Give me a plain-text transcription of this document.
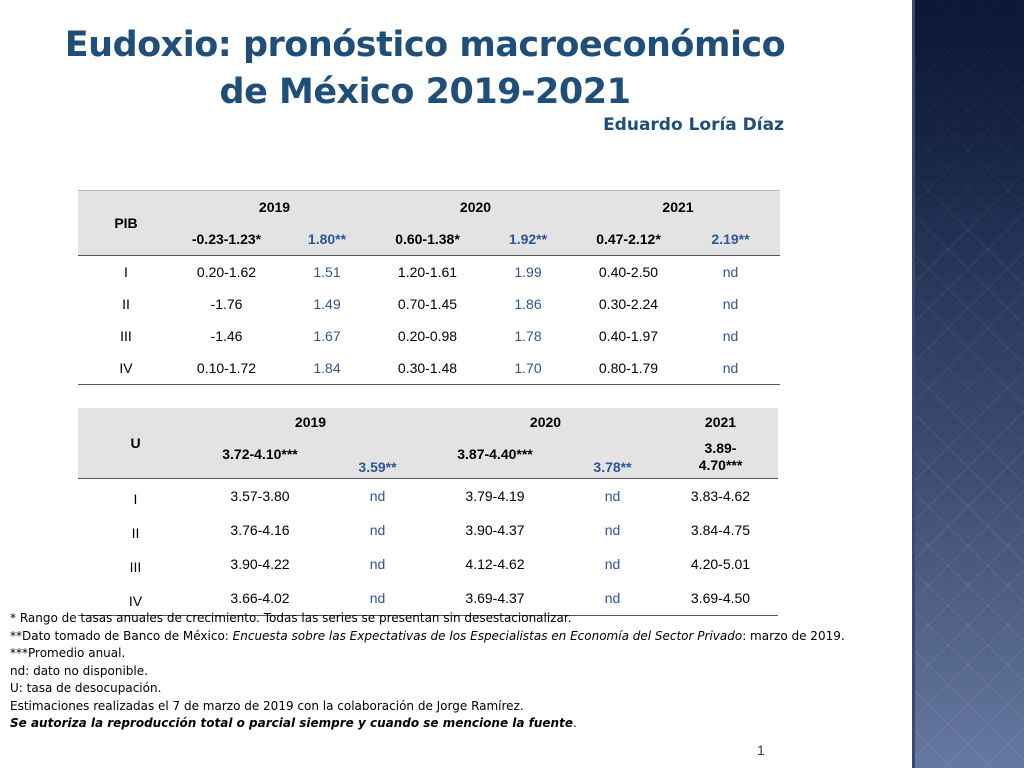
Eudoxio: pronóstico macroeconómico
de México 2019-2021
Eduardo Loría Díaz
PIB	2019		2020		2021	
	-0.23-1.23*	1.80**	0.60-1.38*	1.92**	0.47-2.12*	2.19**
I	0.20-1.62	1.51	1.20-1.61	1.99	0.40-2.50	nd
II	-1.76	1.49	0.70-1.45	1.86	0.30-2.24	nd
III	-1.46	1.67	0.20-0.98	1.78	0.40-1.97	nd
IV	0.10-1.72	1.84	0.30-1.48	1.70	0.80-1.79	nd
U	2019		2020		2021
	3.72-4.10***	3.59**	3.87-4.40***	3.78**	3.89-
4.70***

I	3.57-3.80	nd	3.79-4.19	nd	3.83-4.62
II	3.76-4.16	nd	3.90-4.37	nd	3.84-4.75
III	3.90-4.22	nd	4.12-4.62	nd	4.20-5.01
IV	3.66-4.02	nd	3.69-4.37	nd	3.69-4.50
* Rango de tasas anuales de crecimiento. Todas las series se presentan sin desestacionalizar.
**Dato tomado de Banco de México: Encuesta sobre las Expectativas de los Especialistas en Economía del Sector Privado: marzo de 2019.
***Promedio anual.
nd: dato no disponible.
U: tasa de desocupación.
Estimaciones realizadas el 7 de marzo de 2019 con la colaboración de Jorge Ramírez.
Se autoriza la reproducción total o parcial siempre y cuando se mencione la fuente.
1
